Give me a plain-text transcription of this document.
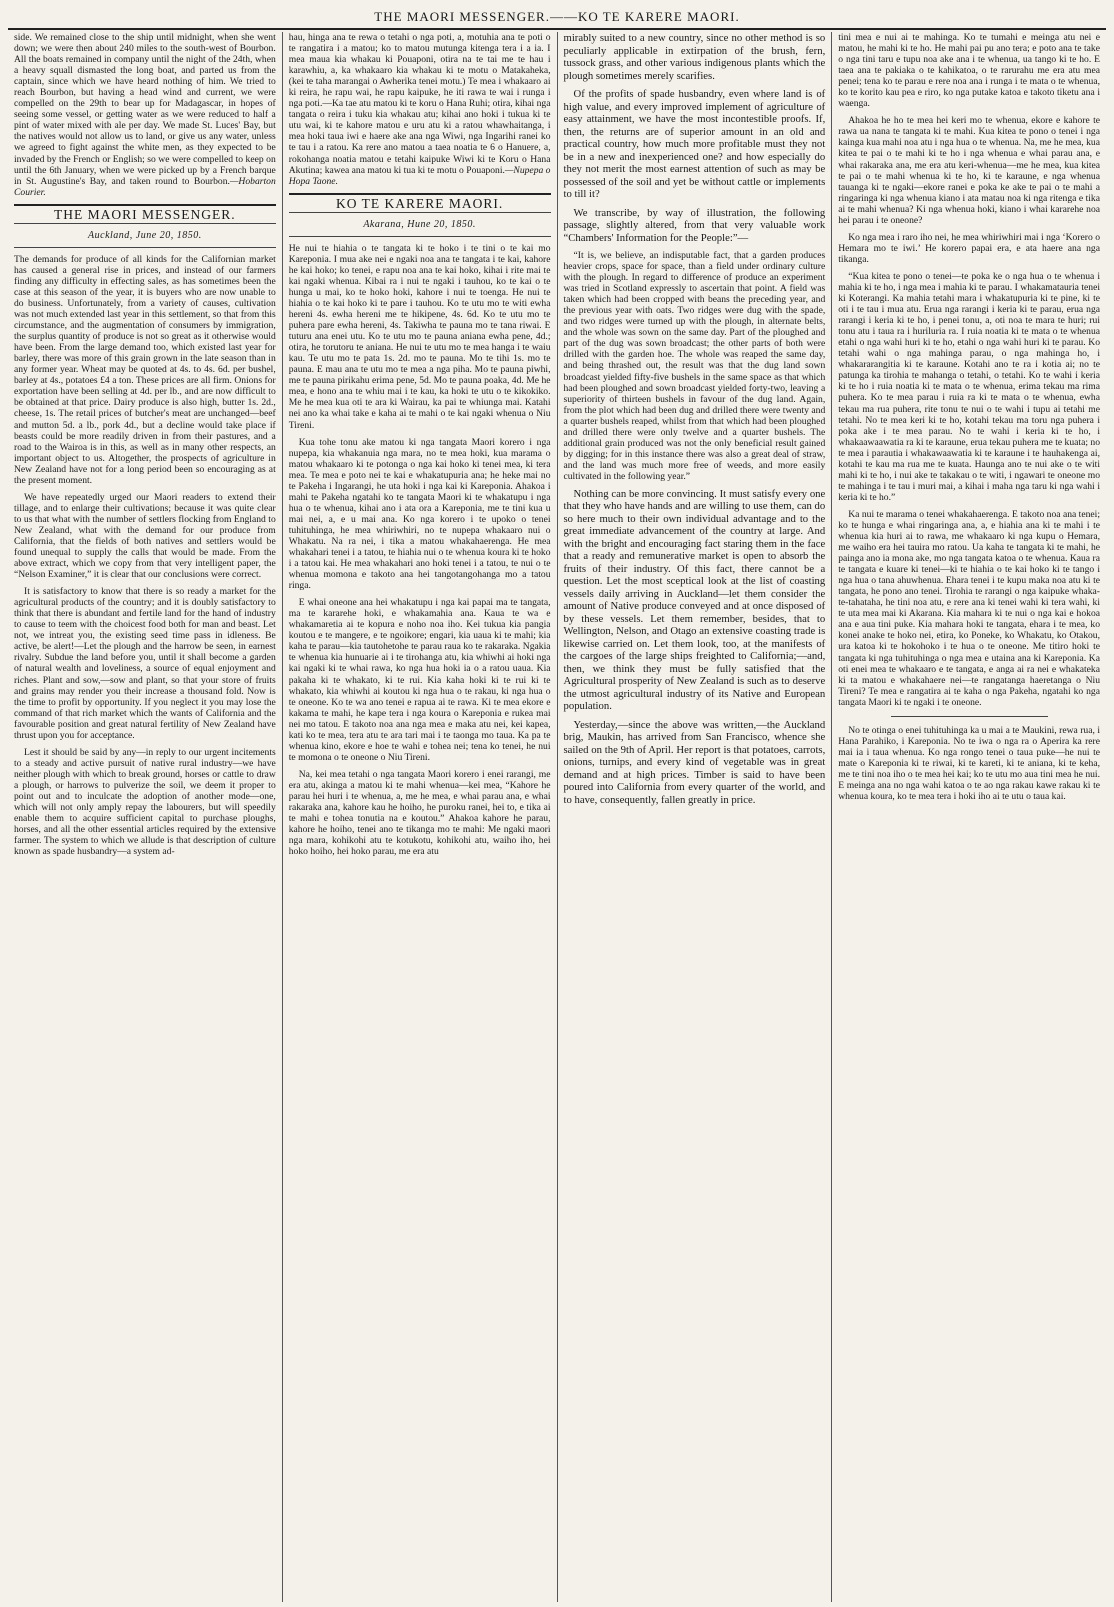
THE MAORI MESSENGER.——KO TE KARERE MAORI.

side. We remained close to the ship until midnight, when she went down; we were then about 240 miles to the south-west of Bourbon. All the boats remained in company until the night of the 24th, when a heavy squall dismasted the long boat, and parted us from the captain, since which we have heard nothing of him. We tried to reach Bourbon, but having a head wind and current, we were compelled on the 29th to bear up for Madagascar, in hopes of seeing some vessel, or getting water as we were reduced to half a pint of water mixed with ale per day. We made St. Luces' Bay, but the natives would not allow us to land, or give us any water, unless we agreed to fight against the white men, as they expected to be invaded by the French or English; so we were compelled to keep on until the 6th January, when we were picked up by a French barque in St. Augustine's Bay, and taken round to Bourbon.—Hobarton Courier.

THE MAORI MESSENGER.
Auckland, June 20, 1850.

The demands for produce of all kinds for the Californian market has caused a general rise in prices, and instead of our farmers finding any difficulty in effecting sales, as has sometimes been the case at this season of the year, it is buyers who are now unable to do business. Unfortunately, from a variety of causes, cultivation was not much extended last year in this settlement, so that from this circumstance, and the augmentation of consumers by immigration, the surplus quantity of produce is not so great as it otherwise would have been. From the large demand too, which existed last year for barley, there was more of this grain grown in the late season than in any former year. Wheat may be quoted at 4s. to 4s. 6d. per bushel, barley at 4s., potatoes £4 a ton. These prices are all firm. Onions for exportation have been selling at 4d. per lb., and are now difficult to be obtained at that price. Dairy produce is also high, butter 1s. 2d., cheese, 1s. The retail prices of butcher's meat are unchanged—beef and mutton 5d. a lb., pork 4d., but a decline would take place if beasts could be more readily driven in from their pastures, and a road to the Wairoa is in this, as well as in many other respects, an important object to us. Altogether, the prospects of agriculture in New Zealand have not for a long period been so encouraging as at the present moment.

We have repeatedly urged our Maori readers to extend their tillage, and to enlarge their cultivations; because it was quite clear to us that what with the number of settlers flocking from England to New Zealand, what with the demand for our produce from California, that the fields of both natives and settlers would be found unequal to supply the calls that would be made. From the above extract, which we copy from that very intelligent paper, the “Nelson Examiner,” it is clear that our conclusions were correct.

It is satisfactory to know that there is so ready a market for the agricultural products of the country; and it is doubly satisfactory to think that there is abundant and fertile land for the hand of industry to cause to teem with the choicest food both for man and beast. Let not, we intreat you, the existing seed time pass in idleness. Be active, be alert!—Let the plough and the harrow be seen, in earnest rivalry. Subdue the land before you, until it shall become a garden of natural wealth and loveliness, a source of equal enjoyment and riches. Plant and sow,—sow and plant, so that your store of fruits and grains may render you their increase a thousand fold. Now is the time to profit by opportunity. If you neglect it you may lose the command of that rich market which the wants of California and the favourable position and great natural fertility of New Zealand have thrust upon you for acceptance.

Lest it should be said by any—in reply to our urgent incitements to a steady and active pursuit of native rural industry—we have neither plough with which to break ground, horses or cattle to draw a plough, or harrows to pulverize the soil, we deem it proper to point out and to inculcate the adoption of another mode—one, which will not only amply repay the labourers, but will speedily enable them to acquire sufficient capital to purchase ploughs, horses, and all the other essential articles required by the extensive farmer. The system to which we allude is that description of culture known as spade husbandry—a system ad-

hau, hinga ana te rewa o tetahi o nga poti, a, motuhia ana te poti o te rangatira i a matou; ko to matou mutunga kitenga tera i a ia. I mea maua kia whakau ki Pouaponi, otira na te tai me te hau i karawhiu, a, ka whakaaro kia whakau ki te motu o Matakaheka, (kei te taha marangai o Awherika tenei motu.) Te mea i whakaaro ai ki reira, he rapu wai, he rapu kaipuke, he iti rawa te wai i runga i nga poti.—Ka tae atu matou ki te koru o Hana Ruhi; otira, kihai nga tangata o reira i tuku kia whakau atu; kihai ano hoki i tukua ki te utu wai, ki te kahore matou e uru atu ki a ratou whawhaitanga, i mea hoki taua iwi e haere ake ana nga Wiwi, nga Ingarihi ranei ko te tau i a ratou. Ka rere ano matou a taea noatia te 6 o Hanuere, a, rokohanga noatia matou e tetahi kaipuke Wiwi ki te Koru o Hana Akutina; kawea ana matou ki tua ki te motu o Pouaponi.—Nupepa o Hopa Taone.

KO TE KARERE MAORI.
Akarana, Hune 20, 1850.

He nui te hiahia o te tangata ki te hoko i te tini o te kai mo Kareponia. I mua ake nei e ngaki noa ana te tangata i te kai, kahore he kai hoko; ko tenei, e rapu noa ana te kai hoko, kihai i rite mai te kai ngaki whenua. Kibai ra i nui te ngaki i tauhou, ko te kai o te hunga u mai, ko te hoko hoki, kahore i nui te toenga. He nui te hiahia o te kai hoko ki te pare i tauhou. Ko te utu mo te witi ewha hereni 4s. ewha hereni me te hikipene, 4s. 6d. Ko te utu mo te puhera pare ewha hereni, 4s. Takiwha te pauna mo te tana riwai. E tuturu ana enei utu. Ko te utu mo te pauna aniana ewha pene, 4d.; otira, he torutoru te aniana. He nui te utu mo te mea hanga i te waiu kau. Te utu mo te pata 1s. 2d. mo te pauna. Mo te tihi 1s. mo te pauna. E mau ana te utu mo te mea a nga piha. Mo te pauna piwhi, me te pauna pirikahu erima pene, 5d. Mo te pauna poaka, 4d. Me he mea, e hono ana te whiu mai i te kau, ka hoki te utu o te kikokiko. Me he mea kua oti te ara ki Wairau, ka pai te whiunga mai. Katahi nei ano ka whai take e kaha ai te mahi o te kai ngaki whenua o Niu Tireni.

Kua tohe tonu ake matou ki nga tangata Maori korero i nga nupepa, kia whakanuia nga mara, no te mea hoki, kua marama o matou whakaaro ki te potonga o nga kai hoko ki tenei mea, ki tera mea. Te mea e poto nei te kai e whakatupuria ana; he heke mai no te Pakeha i Ingarangi, he uta hoki i nga kai ki Kareponia. Ahakoa i mahi te Pakeha ngatahi ko te tangata Maori ki te whakatupu i nga hua o te whenua, kihai ano i ata ora a Kareponia, me te tini kua u mai nei, a, e u mai ana. Ko nga korero i te upoko o tenei tuhituhinga, he mea whiriwhiri, no te nupepa whakaaro nui o Whakatu. Na ra nei, i tika a matou whakahaerenga. He mea whakahari tenei i a tatou, te hiahia nui o te whenua koura ki te hoko i a tatou kai. He mea whakahari ano hoki tenei i a tatou, te nui o te whenua momona e takoto ana hei tangotangohanga mo a tatou ringa.

E whai oneone ana hei whakatupu i nga kai papai ma te tangata, ma te kararehe hoki, e whakamahia ana. Kaua te wa e whakamaretia ai te kopura e noho noa iho. Kei tukua kia pangia koutou e te mangere, e te ngoikore; engari, kia uaua ki te mahi; kia kaha te parau—kia tautohetohe te parau raua ko te rakaraka. Ngakia te whenua kia hunuarie ai i te tirohanga atu, kia whiwhi ai hoki nga kai ngaki ki te whai rawa, ko nga hua hoki ia o a ratou uaua. Kia pakaha ki te whakato, ki te rui. Kia kaha hoki ki te rui ki te whakato, kia whiwhi ai koutou ki nga hua o te rakau, ki nga hua o te oneone. Ko te wa ano tenei e rapua ai te rawa. Ki te mea ekore e kakama te mahi, he kape tera i nga koura o Kareponia e rukea mai nei mo tatou. E takoto noa ana nga mea e maka atu nei, kei kapea, kati ko te mea, tera atu te ara tari mai i te taonga mo taua. Ka pa te whenua kino, ekore e hoe te wahi e tohea nei; tena ko tenei, he nui te momona o te oneone o Niu Tireni.

Na, kei mea tetahi o nga tangata Maori korero i enei rarangi, me era atu, akinga a matou ki te mahi whenua—kei mea, “Kahore he parau hei huri i te whenua, a, me he mea, e whai parau ana, e whai rakaraka ana, kahore kau he hoiho, he puroku ranei, hei to, e tika ai te mahi e tohea tonutia na e koutou.” Ahakoa kahore he parau, kahore he hoiho, tenei ano te tikanga mo te mahi: Me ngaki maori nga mara, kohikohi atu te kotukotu, kohikohi atu, waiho iho, hei hoko hoiho, hei hoko parau, me era atu

mirably suited to a new country, since no other method is so peculiarly applicable in extirpation of the brush, fern, tussock grass, and other various indigenous plants which the plough sometimes merely scarifies.

Of the profits of spade husbandry, even where land is of high value, and every improved implement of agriculture of easy attainment, we have the most incontestible proofs. If, then, the returns are of superior amount in an old and practical country, how much more profitable must they not be in a new and inexperienced one? and how especially do they not merit the most earnest attention of such as may be possessed of the soil and yet be without cattle or implements to till it?

We transcribe, by way of illustration, the following passage, slightly altered, from that very valuable work “Chambers' Information for the People:”—

“It is, we believe, an indisputable fact, that a garden produces heavier crops, space for space, than a field under ordinary culture with the plough. In regard to difference of produce an experiment was tried in Scotland expressly to ascertain that point. A field was taken which had been cropped with beans the preceding year, and the previous year with oats. Two ridges were dug with the spade, and two ridges were turned up with the plough, in alternate belts, and the whole was sown on the same day. Part of the ploughed and part of the dug was sown broadcast; the other parts of both were drilled with the garden hoe. The whole was reaped the same day, and being thrashed out, the result was that the dug land sown broadcast yielded fifty-five bushels in the same space as that which had been ploughed and sown broadcast yielded forty-two, leaving a superiority of thirteen bushels in favour of the dug land. Again, from the plot which had been dug and drilled there were twenty and a quarter bushels reaped, whilst from that which had been ploughed and drilled there were only twelve and a quarter bushels. The additional grain produced was not the only beneficial result gained by digging; for in this instance there was also a great deal of straw, and the land was much more free of weeds, and more easily cultivated in the following year.”

Nothing can be more convincing. It must satisfy every one that they who have hands and are willing to use them, can do so here much to their own individual advantage and to the great immediate advancement of the country at large. And with the bright and encouraging fact staring them in the face that a ready and remunerative market is open to absorb the fruits of their industry. Of this fact, there cannot be a question. Let the most sceptical look at the list of coasting vessels daily arriving in Auckland—let them consider the amount of Native produce conveyed and at once disposed of by these vessels. Let them remember, besides, that to Wellington, Nelson, and Otago an extensive coasting trade is likewise carried on. Let them look, too, at the manifests of the cargoes of the large ships freighted to California;—and, then, we think they must be fully satisfied that the Agricultural prosperity of New Zealand is such as to deserve the utmost agricultural industry of its Native and European population.

Yesterday,—since the above was written,—the Auckland brig, Maukin, has arrived from San Francisco, whence she sailed on the 9th of April. Her report is that potatoes, carrots, onions, turnips, and every kind of vegetable was in great demand and at high prices. Timber is said to have been poured into California from every quarter of the world, and to have, consequently, fallen greatly in price.

tini mea e nui ai te mahinga. Ko te tumahi e meinga atu nei e matou, he mahi ki te ho. He mahi pai pu ano tera; e poto ana te take o nga tini taru e tupu noa ake ana i te whenua, ua tango ki te ho. E taea ana te pakiaka o te kahikatoa, o te rarurahu me era atu mea penei; tena ko te parau e rere noa ana i runga i te mata o te whenua, ko te korito kau pea e riro, ko nga putake katoa e takoto tiketu ana i waenga.

Ahakoa he ho te mea hei keri mo te whenua, ekore e kahore te rawa ua nana te tangata ki te mahi. Kua kitea te pono o tenei i nga kainga kua mahi noa atu i nga hua o te whenua. Na, me he mea, kua kitea te pai o te mahi ki te ho i nga whenua e whai parau ana, e whai rakaraka ana, me era atu keri-whenua—me he mea, kua kitea te pai o te mahi whenua ki te ho, ki te karaune, e nga whenua tauanga ki te ngaki—ekore ranei e poka ke ake te pai o te mahi a ringaringa ki nga whenua kiano i ata matau noa ki nga ritenga e tika ai te mahi whenua? Ki nga whenua hoki, kiano i whai kararehe noa hei parau i te oneone?

Ko nga mea i raro iho nei, he mea whiriwhiri mai i nga ‘Korero o Hemara mo te iwi.’ He korero papai era, e ata haere ana nga tikanga.

“Kua kitea te pono o tenei—te poka ke o nga hua o te whenua i mahia ki te ho, i nga mea i mahia ki te parau. I whakamatauria tenei ki Koterangi. Ka mahia tetahi mara i whakatupuria ki te pine, ki te oti i te tau i mua atu. Erua nga rarangi i keria ki te parau, erua nga rarangi i keria ki te ho, i penei tonu, a, oti noa te mara te huri; rui tonu atu i taua ra i huriluria ra. I ruia noatia ki te mata o te whenua etahi o nga wahi huri ki te ho, etahi o nga wahi huri ki te parau. Ko tetahi wahi o nga mahinga parau, o nga mahinga ho, i whakararangitia ki te karaune. Kotahi ano te ra i kotia ai; no te patunga ka tirohia te mahanga o tetahi, o tetahi. Ko te wahi i keria ki te ho i ruia noatia ki te mata o te whenua, erima tekau ma rima puhera. Ko te mea parau i ruia ra ki te mata o te whenua, ewha tekau ma rua puhera, rite tonu te nui o te wahi i tupu ai tetahi me tetahi. No te mea keri ki te ho, kotahi tekau ma toru nga puhera i poka ake i te mea parau. No te wahi i keria ki te ho, i whakaawaawatia ra ki te karaune, erua tekau puhera me te kuata; no te mea i parautia i whakawaawatia ki te karaune i te hauhakenga ai, kotahi te kau ma rua me te kuata. Haunga ano te nui ake o te witi mahi ki te ho, i nui ake te takakau o te witi, i ngawari te oneone mo te mahinga i te tau i muri mai, a kihai i maha nga taru ki nga wahi i keria ki te ho.”

Ka nui te marama o tenei whakahaerenga. E takoto noa ana tenei; ko te hunga e whai ringaringa ana, a, e hiahia ana ki te mahi i te whenua kia huri ai to rawa, me whakaaro ki nga kupu o Hemara, me waiho era hei tauira mo ratou. Ua kaha te tangata ki te mahi, he painga ano ia mona ake, mo nga tangata katoa o te whenua. Kaua ra te tangata e kuare ki tenei—ki te hiahia o te kai hoko ki te tango i nga hua o tana ahuwhenua. Ehara tenei i te kupu maka noa atu ki te tangata, he pono ano tenei. Tirohia te rarangi o nga kaipuke whaka-te-tahataha, he tini noa atu, e rere ana ki tenei wahi ki tera wahi, ki te uta mea mai ki Akarana. Kia mahara ki te nui o nga kai e hokoa ana e aua tini puke. Kia mahara hoki te tangata, ehara i te mea, ko konei anake te hoko nei, etira, ko Poneke, ko Whakatu, ko Otakou, ura katoa ki te hokohoko i te hua o te oneone. Me titiro hoki te tangata ki nga tuhituhinga o nga mea e utaina ana ki Kareponia. Ka oti enei mea te whakaaro e te tangata, e anga ai ra nei e whakateka ki ta matou e whakahaere nei—te rangatanga haeretanga o Niu Tireni? Te mea e rangatira ai te kaha o nga Pakeha, ngatahi ko nga tangata Maori ki te ngaki i te oneone.

No te otinga o enei tuhituhinga ka u mai a te Maukini, rewa rua, i Hana Parahiko, i Kareponia. No te iwa o nga ra o Aperira ka rere mai ia i taua whenua. Ko nga rongo tenei o taua puke—he nui te mate o Kareponia ki te riwai, ki te kareti, ki te aniana, ki te keha, me te tini noa iho o te mea hei kai; ko te utu mo aua tini mea he nui. E meinga ana no nga wahi katoa o te ao nga rakau kawe rakau ki te whenua koura, ko te mea tera i hoki iho ai te utu o taua kai.
